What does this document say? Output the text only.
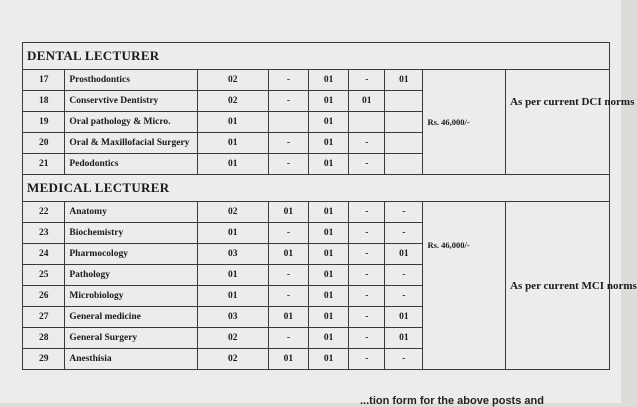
DENTAL LECTURER								
17	Prosthodontics	02	-	01	-	01	Rs. 46,000/-	As per current DCI norms
18	Conservtive Dentistry	02	-	01	01			
19	Oral pathology & Micro.	01		01				
20	Oral & Maxillofacial Surgery	01	-	01	-			
21	Pedodontics	01	-	01	-			
MEDICAL LECTURER								
22	Anatomy	02	01	01	-	-	Rs. 46,000/-	As per current MCI norms
23	Biochemistry	01	-	01	-	-		
24	Pharmocology	03	01	01	-	01		
25	Pathology	01	-	01	-	-		
26	Microbiology	01	-	01	-	-		
27	General medicine	03	01	01	-	01		
28	General Surgery	02	-	01	-	01		
29	Anesthisia	02	01	01	-	-		
...tion form for the above posts and
